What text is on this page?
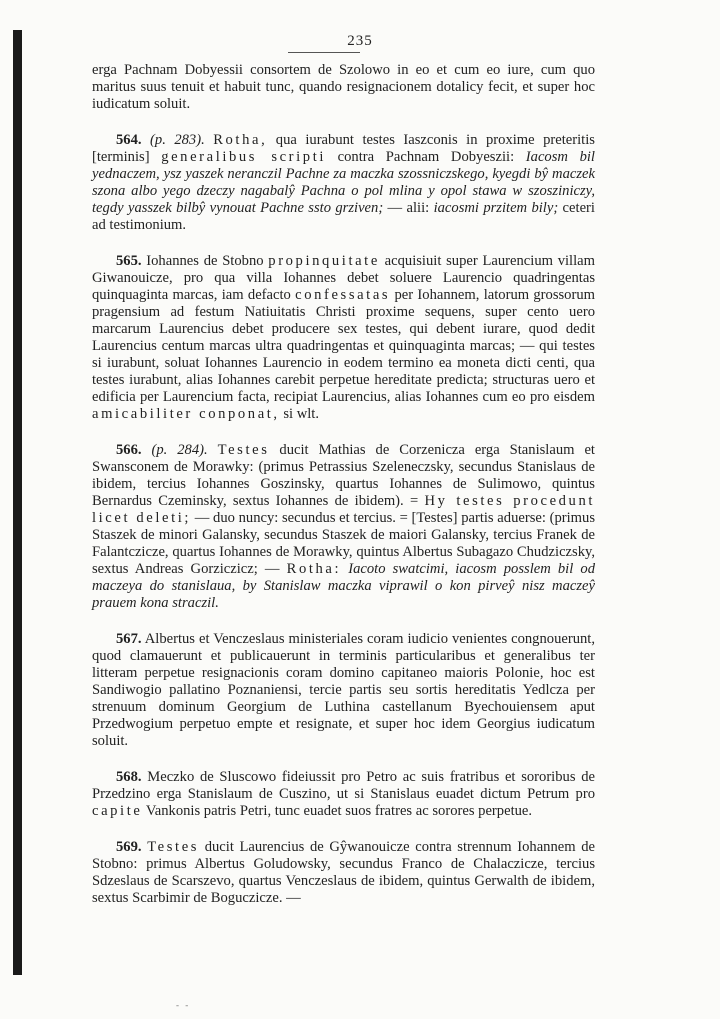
235

erga Pachnam Dobyessii consortem de Szolowo in eo et cum eo iure, cum quo maritus suus tenuit et habuit tunc, quando resignacionem dotalicy fecit, et super hoc iudicatum soluit.

564. (p. 283). Rotha, qua iurabunt testes Iaszconis in proxime preteritis [terminis] generalibus scripti contra Pachnam Dobyeszii: Iacosm bil yednaczem, ysz yaszek neranczil Pachne za maczka szossniczskego, kyegdi bŷ maczek szona albo yego dzeczy nagabalŷ Pachna o pol mlina y opol stawa w szosziniczy, tegdy yasszek bilbŷ vynouat Pachne ssto grziven; — alii: iacosmi przitem bily; ceteri ad testimonium.

565. Iohannes de Stobno propinquitate acquisiuit super Laurencium villam Giwanouicze, pro qua villa Iohannes debet soluere Laurencio quadringentas quinquaginta marcas, iam defacto confessatas per Iohannem, latorum grossorum pragensium ad festum Natiuitatis Christi proxime sequens, super cento uero marcarum Laurencius debet producere sex testes, qui debent iurare, quod dedit Laurencius centum marcas ultra quadringentas et quinquaginta marcas; — qui testes si iurabunt, soluat Iohannes Laurencio in eodem termino ea moneta dicti centi, qua testes iurabunt, alias Iohannes carebit perpetue hereditate predicta; structuras uero et edificia per Laurencium facta, recipiat Laurencius, alias Iohannes cum eo pro eisdem amicabiliter conponat, si wlt.

566. (p. 284). Testes ducit Mathias de Corzenicza erga Stanislaum et Swansconem de Morawky: (primus Petrassius Szeleneczsky, secundus Stanislaus de ibidem, tercius Iohannes Goszinsky, quartus Iohannes de Sulimowo, quintus Bernardus Czeminsky, sextus Iohannes de ibidem). = Hy testes procedunt licet deleti; — duo nuncy: secundus et tercius. = [Testes] partis aduerse: (primus Staszek de minori Galansky, secundus Staszek de maiori Galansky, tercius Franek de Falantczicze, quartus Iohannes de Morawky, quintus Albertus Subagazo Chudziczsky, sextus Andreas Gorziczicz; — Rotha: Iacoto swatcimi, iacosm posslem bil od maczeya do stanislaua, by Stanislaw maczka viprawil o kon pirveŷ nisz maczeŷ prauem kona straczil.

567. Albertus et Venczeslaus ministeriales coram iudicio venientes congnouerunt, quod clamauerunt et publicauerunt in terminis particularibus et generalibus ter litteram perpetue resignacionis coram domino capitaneo maioris Polonie, hoc est Sandiwogio pallatino Poznaniensi, tercie partis seu sortis hereditatis Yedlcza per strenuum dominum Georgium de Luthina castellanum Byechouiensem aput Przedwogium perpetuo empte et resignate, et super hoc idem Georgius iudicatum soluit.

568. Meczko de Sluscowo fideiussit pro Petro ac suis fratribus et sororibus de Przedzino erga Stanislaum de Cuszino, ut si Stanislaus euadet dictum Petrum pro capite Vankonis patris Petri, tunc euadet suos fratres ac sorores perpetue.

569. Testes ducit Laurencius de Gŷwanouicze contra strennum Iohannem de Stobno: primus Albertus Goludowsky, secundus Franco de Chalaczicze, tercius Sdzeslaus de Scarszevo, quartus Venczeslaus de ibidem, quintus Gerwalth de ibidem, sextus Scarbimir de Boguczicze. —

- -
